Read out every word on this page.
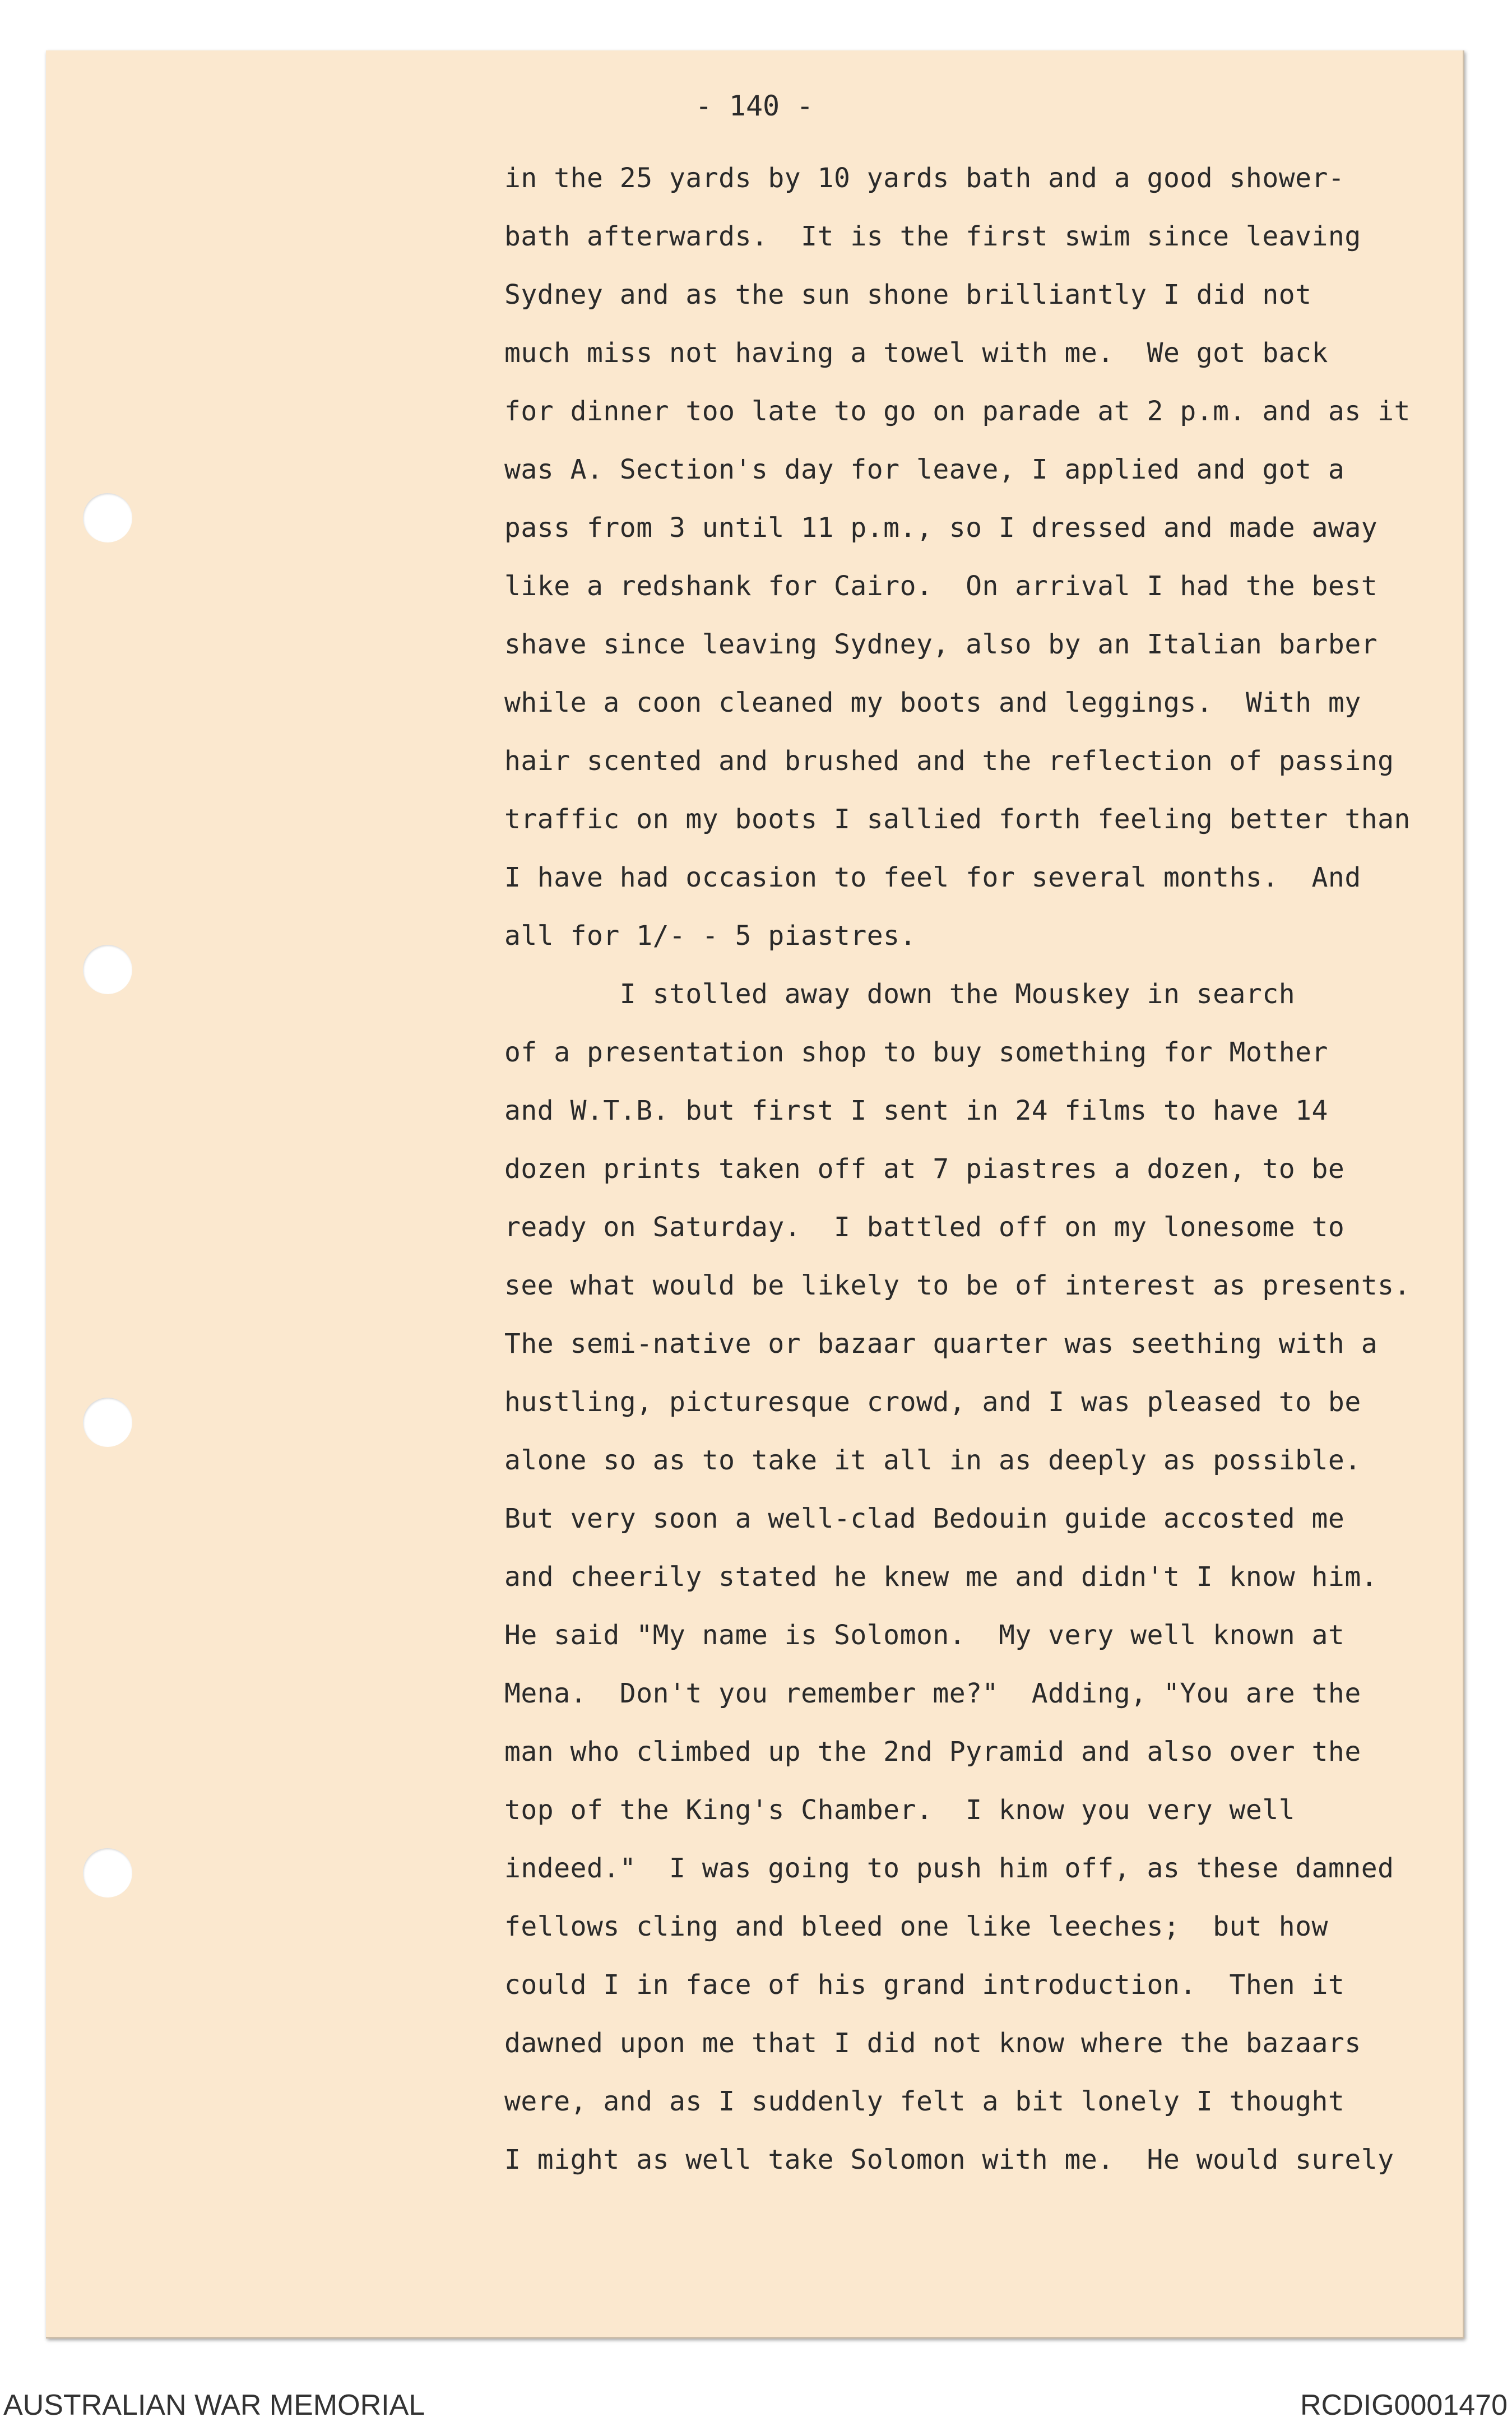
- 140 -
in the 25 yards by 10 yards bath and a good shower-
bath afterwards.  It is the first swim since leaving
Sydney and as the sun shone brilliantly I did not
much miss not having a towel with me.  We got back
for dinner too late to go on parade at 2 p.m. and as it
was A. Section's day for leave, I applied and got a
pass from 3 until 11 p.m., so I dressed and made away
like a redshank for Cairo.  On arrival I had the best
shave since leaving Sydney, also by an Italian barber
while a coon cleaned my boots and leggings.  With my
hair scented and brushed and the reflection of passing
traffic on my boots I sallied forth feeling better than
I have had occasion to feel for several months.  And
all for 1/- - 5 piastres.
I stolled away down the Mouskey in search
of a presentation shop to buy something for Mother
and W.T.B. but first I sent in 24 films to have 14
dozen prints taken off at 7 piastres a dozen, to be
ready on Saturday.  I battled off on my lonesome to
see what would be likely to be of interest as presents.
The semi-native or bazaar quarter was seething with a
hustling, picturesque crowd, and I was pleased to be
alone so as to take it all in as deeply as possible.
But very soon a well-clad Bedouin guide accosted me
and cheerily stated he knew me and didn't I know him.
He said "My name is Solomon.  My very well known at
Mena.  Don't you remember me?"  Adding, "You are the
man who climbed up the 2nd Pyramid and also over the
top of the King's Chamber.  I know you very well
indeed."  I was going to push him off, as these damned
fellows cling and bleed one like leeches;  but how
could I in face of his grand introduction.  Then it
dawned upon me that I did not know where the bazaars
were, and as I suddenly felt a bit lonely I thought
I might as well take Solomon with me.  He would surely
AUSTRALIAN WAR MEMORIAL	RCDIG0001470
